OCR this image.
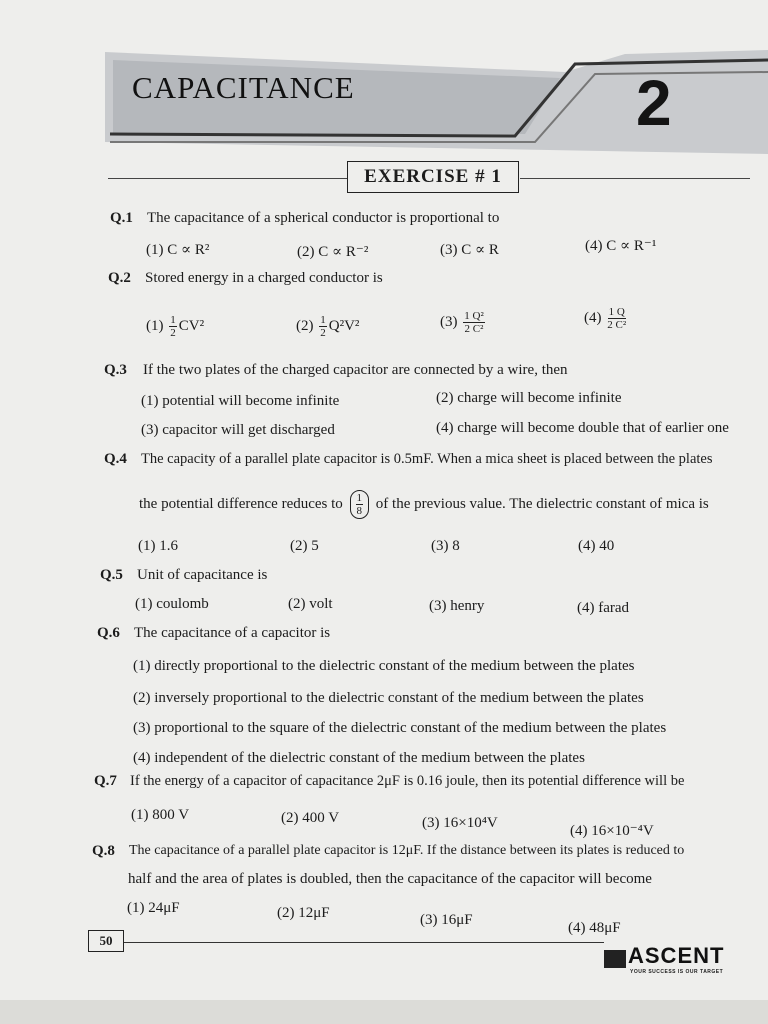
CAPACITANCE	2
EXERCISE # 1
Q.1 The capacitance of a spherical conductor is proportional to
(1) C ∝ R²	(2) C ∝ R⁻²	(3) C ∝ R	(4) C ∝ R⁻¹
Q.2 Stored energy in a charged conductor is
$(1) \frac{1}{2} CV^2$	$(2) \frac{1}{2} Q^2V^2$	$(3) \frac{\text{1 Q²}}{\text{2 C²}}$	$(4) \frac{1 Q}{\text{2 C²}}$
Q.3 If the two plates of the charged capacitor are connected by a wire, then
(1) potential will become infinite	(2) charge will become infinite
(3) capacitor will get discharged	(4) charge will become double that of earlier one
Q.4 The capacity of a parallel plate capacitor is 0.5mF. When a mica sheet is placed between the plates
the potential difference reduces to $\frac{1}{8}$ of the previous value. The dielectric constant of mica is
(1) 1.6	(2) 5	(3) 8	(4) 40
Q.5 Unit of capacitance is
(1) coulomb	(2) volt	(3) henry	(4) farad
Q.6 The capacitance of a capacitor is
(1) directly proportional to the dielectric constant of the medium between the plates
(2) inversely proportional to the dielectric constant of the medium between the plates
(3) proportional to the square of the dielectric constant of the medium between the plates
(4) independent of the dielectric constant of the medium between the plates
Q.7 If the energy of a capacitor of capacitance 2μF is 0.16 joule, then its potential difference will be
(1) 800 V	(2) 400 V	(3) 16×10⁴V	(4) 16×10⁻⁴V
Q.8 The capacitance of a parallel plate capacitor is 12μF. If the distance between its plates is reduced to
half and the area of plates is doubled, then the capacitance of the capacitor will become
(1) 24μF	(2) 12μF	(3) 16μF	(4) 48μF
50
ASCENT
YOUR SUCCESS IS OUR TARGET
